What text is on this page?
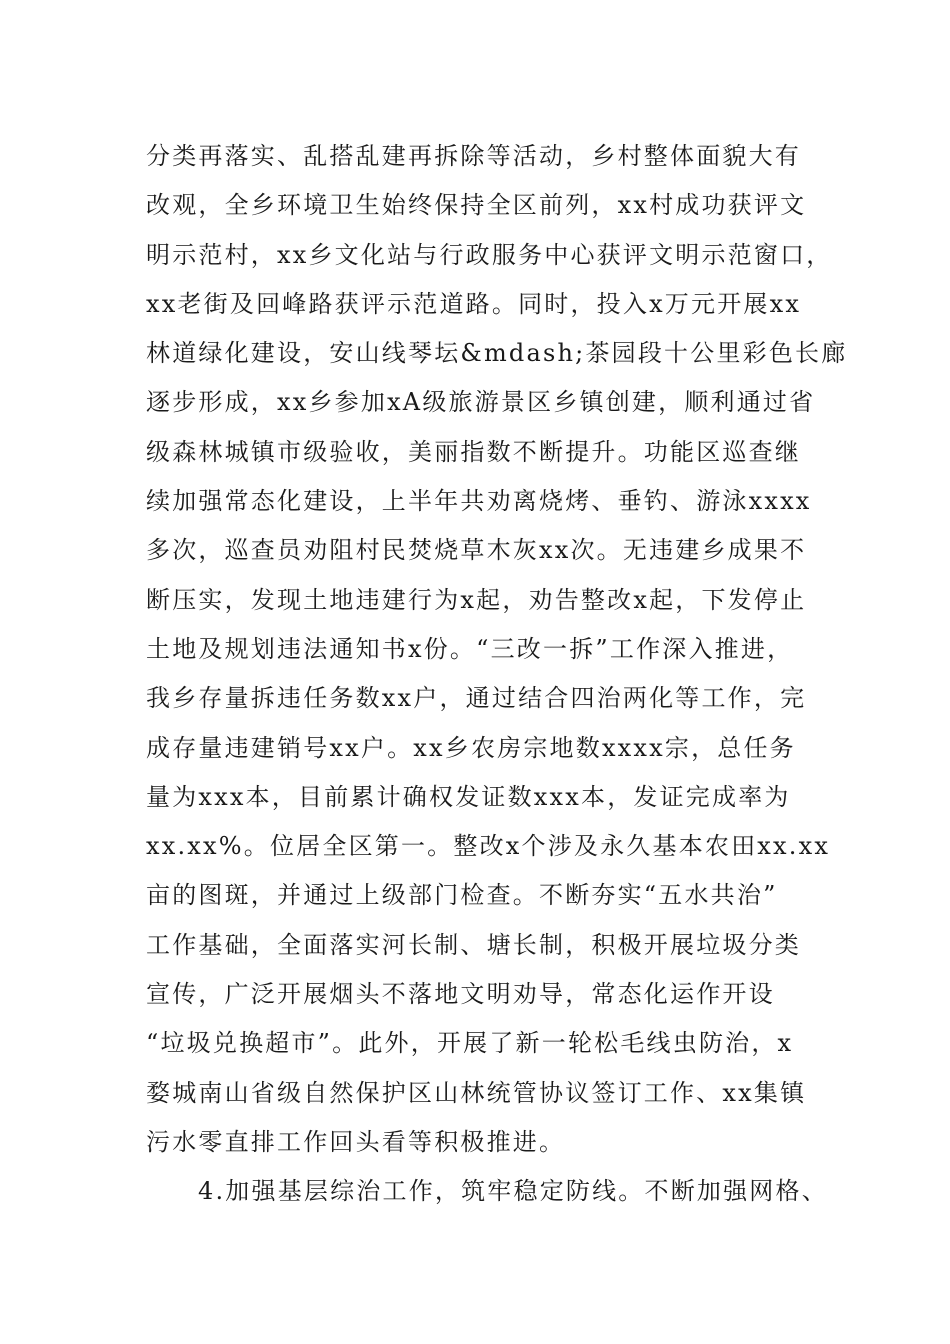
分类再落实、乱搭乱建再拆除等活动，乡村整体面貌大有
改观，全乡环境卫生始终保持全区前列，xx村成功获评文
明示范村，xx乡文化站与行政服务中心获评文明示范窗口，
xx老街及回峰路获评示范道路。同时，投入x万元开展xx
林道绿化建设，安山线琴坛&mdash;茶园段十公里彩色长廊
逐步形成，xx乡参加xA级旅游景区乡镇创建，顺利通过省
级森林城镇市级验收，美丽指数不断提升。功能区巡查继
续加强常态化建设，上半年共劝离烧烤、垂钓、游泳xxxx
多次，巡查员劝阻村民焚烧草木灰xx次。无违建乡成果不
断压实，发现土地违建行为x起，劝告整改x起，下发停止
土地及规划违法通知书x份。“三改一拆”工作深入推进，
我乡存量拆违任务数xx户，通过结合四治两化等工作，完
成存量违建销号xx户。xx乡农房宗地数xxxx宗，总任务
量为xxx本，目前累计确权发证数xxx本，发证完成率为
xx.xx%。位居全区第一。整改x个涉及永久基本农田xx.xx
亩的图斑，并通过上级部门检查。不断夯实“五水共治”
工作基础，全面落实河长制、塘长制，积极开展垃圾分类
宣传，广泛开展烟头不落地文明劝导，常态化运作开设
“垃圾兑换超市”。此外，开展了新一轮松毛线虫防治，x
婺城南山省级自然保护区山林统管协议签订工作、xx集镇
污水零直排工作回头看等积极推进。
4.加强基层综治工作，筑牢稳定防线。不断加强网格、
